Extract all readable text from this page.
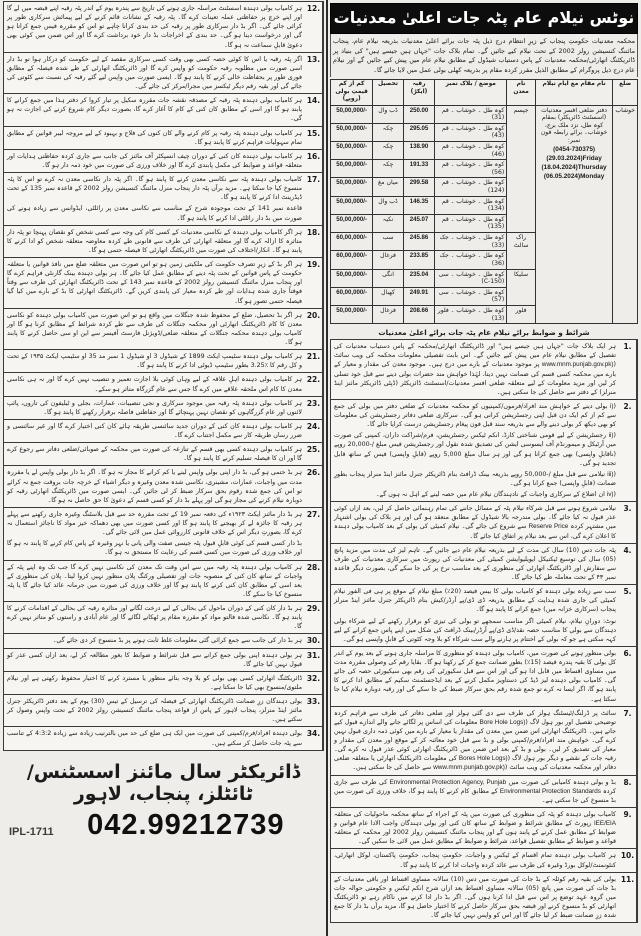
ہر کامیاب بولی دہندہ اسسٹنٹ مراسلہ جاری ہونے کی تاریخ سے پندرہ یوم کے اندر پٹہ رقبہ اپنے قبضہ میں لے گا اور اپنے خرچ پر حفاظتی عملہ تعینات کرے گا۔ پٹہ رقبہ کے نشانات قائم کرنے کے لیے پیمائش سرکاری طور پر کرائی جائے گی۔ اگر بڈ دار سرکاری طور پر رقبہ کی حد بندی کرانا چاہے تو اس کو مقررہ فیس جمع کرانا ہو گی اور درخواست دینا ہو گی۔ حد بندی کے اخراجات بڈ دار خود برداشت کرے گا اور اس ضمن میں کوئی بھی دعویٰ قابلِ سماعت نہ ہو گا۔

12.

اگر پٹہ رقبہ یا اس کا کوئی حصہ کسی بھی وقت کسی سرکاری مقصد کے لیے حکومت کو درکار ہوا تو بڈ دار اسی صورت میں مطلوبہ رقبہ حکومت کو واپس کرے گا اور ڈائریکٹنگ اتھارٹی کے طے شدہ فیصلہ کے مطابق فوری طور پر بحفاظت خالی کرنے کا پابند ہو گا۔ ایسی صورت میں واپس لیے گئے رقبہ کی نسبت سے کٹوتی کی جائے گی اور بقیہ رقم دیگر ٹیکسز میں مجرا/مرکز کی جائے گی۔

13.

ہر کامیاب بولی دہندہ پٹہ رقبہ کے مصدقہ نقشہ جات مقررہ سکیل پر تیار کروا کر دفتر ہذا میں جمع کرانے کا پابند ہو گا اور اسی کے مطابق کان کنی کے کام کا آغاز کرے گا، بصورت دیگر کام شروع کرنے کی اجازت نہ ہو گی۔

14.

ہر کامیاب بولی دہندہ پٹہ رقبہ پر کام کرنے والے کان کنوں کی فلاح و بہبود کے لیے مروجہ لیبر قوانین کے مطابق تمام سہولیات فراہم کرنے کا پابند ہو گا۔

15.

ہر کامیاب بولی دہندہ کان کنی کے دوران چیف انسپکٹر آف مائنز کی جانب سے جاری کردہ حفاظتی ہدایات اور متعلقہ قواعد و ضوابط کی مکمل پابندی کرے گا اور خلاف ورزی کی صورت میں خود ذمہ دار ہو گا۔

16.

کامیاب بولی دہندہ پٹہ سے نکاسی معدن کرنے کا پابند ہو گا۔ اگر پٹہ دار نکاسی معدن نہ کرے تو اس کا پٹہ منسوخ کیا جا سکتا ہے۔ مزید برآں پٹہ دار پنجاب منرل مائننگ کنسیشن رولز 2002 کے قاعدہ نمبر 135 کے تحت ڈیڈرینٹ ادا کرنے کا پابند ہو گا۔

قاعدہ نمبر 141 کے تحت موجودہ شرح کے مناسب سے نکاسی معدن پر رائلٹی، ایڈوانس سے زیادہ ہونے کی صورت میں بڈ دار رائلٹی ادا کرنے کا پابند ہو گا۔

17.

ہر اگر کامیاب بولی دہندہ کے نکاسی معدنیات کے کسی کام کی وجہ سے کسی شخص کو نقصان پہنچا تو پٹہ دار متاثرہ کا ازالہ کرے گا اور متعلقہ اتھارٹی کی طرف سے قانونی طے کردہ معاوضہ متعلقہ شخص کو ادا کرنے کا پابند ہو گا۔ انکار/اختلاف کی صورت میں ڈائریکٹنگ اتھارٹی کا فیصلہ حتمی ہو گا۔

18.

ہر اگر بڈ کے زیرِ تصرف حکومت کی ملکیتی زمین ہو تو اس صورت میں متعلقہ ضلع میں نافذ قوانین یا متعلقہ حکومت کے پاس قوانین کے تحت پٹہ دینے کے مطابق عمل کیا جائے گا۔ ہر بولی دہندہ بینک گارنٹی فراہم کرے گا اور پنجاب منرل مائننگ کنسیشن رولز 2002 کے قاعدہ نمبر 143 کے تحت ڈائریکٹنگ اتھارٹی کی طرف سے وقتاً فوقتاً جاری شدہ ہدایات اور طے کردہ معیار کی پابندی کریں گے۔ ڈائریکٹنگ اتھارٹی کا بڈ کے بارے میں کیا گیا فیصلہ حتمی تصور ہو گا۔

19.

ہر اگر بڈ تحصیل، ضلع کے محفوظ شدہ جنگلات میں واقع ہو تو اس صورت میں کامیاب بولی دہندہ کو نکاسی معدن کا کام ڈائریکٹنگ اتھارٹی اور محکمہ جنگلات کی طرف سے طے کردہ شرائط کے مطابق کرنا ہو گا اور کامیاب بولی دہندہ محکمہ جنگلات کے متعلقہ ضلعی/ڈویژنل فارسٹ آفیسر سے این او سی حاصل کرنے کا پابند ہو گا۔

20.

ہر کامیاب بولی دہندہ سٹیمپ ایکٹ 1899 کے شیڈول 3 او شیڈول 1 نمبر مد 35 او سٹیمپ ایکٹ ۱۹۳۵ کے تحت و کل رقم کا ٪3.25 بطور سٹیمپ ڈیوٹی ادا کرنے کا پابند ہو گا۔

21.

ہر کامیاب بولی دہندہ اہلِ علاقہ کے لیے وہاں کوئی بلا اجازت تعمیر و تنصیب نہیں کرے گا اور نہ ہی نکاسی معدن کا کام اس ملحقہ علاقے میں کرے گا جس سے عام گزرگاہ متاثر ہو سکے۔

22.

ہر کامیاب بولی دہندہ پٹہ رقبہ میں موجود سرکاری و نجی تنصیبات، عمارات، بجلی و ٹیلیفون کی تاروں، پائپ لائنوں اور عام گزرگاہوں کو نقصان نہیں پہنچائے گا اور حفاظتی فاصلہ برقرار رکھنے کا پابند ہو گا۔

23.

ہر کامیاب بولی دہندہ کان کنی کے دوران جدید سائنسی طریقہ ہائے کان کنی اختیار کرے گا اور غیر سائنسی و ضرر رساں طریقہ کار سے مکمل اجتناب کرے گا۔

24.

ہر کامیاب بولی دہندہ کسی بھی قسم کے تنازعہ کی صورت میں محکمہ کے صوبائی/ضلعی دفاتر سے رجوع کرے گا اور ان کا فیصلہ تسلیم کرنے کا پابند ہو گا۔

25.

ہر بڈ حتمی ہو گی، بڈ دار اپنی بولی واپس لینے یا کم کرانے کا مجاز نہ ہو گا۔ اگر بڈ دار بولی واپس لے یا مقررہ مدت میں واجبات، عمارات، مشینری، نکاسی شدہ معدن وغیرہ و دیگر اشیاء کے خرچہ جات بروقت جمع نہ کرائے تو اس کی جمع شدہ رقوم بحق سرکار ضبط کر لی جائیں گی۔ ایسی صورت میں ڈائریکٹنگ اتھارٹی رقبہ کو دوبارہ نیلام کرنے کی مجاز ہو گی اور پہلے بڈ دار کو کسی قسم کے دعویٰ کا حق حاصل نہ ہو گا۔

26.

ہر بڈ دار مائنز ایکٹ ۱۹۲۳ء کی دفعہ نمبر 19 کے تحت مقررہ حد سے قبل بلاسٹنگ وغیرہ جاری رکھنے سے پہلے ہر رقبہ کا جائزہ لے کر بھیجنے کا پابند ہو گا اور کسی صورت میں بھی دھماکہ خیز مواد کا ناجائز استعمال نہ کرے گا، بصورتِ دیگر اس کے خلاف قانونی کارروائی عمل میں لائی جائے گی۔

بڈ دار کسی قسم کی کوئی قابلِ قبول پٹہ جیسی صفت والی پانی یا نہر وغیرہ کے پاس کام کرنے کا پابند نہ ہو گا اور خلاف ورزی کی صورت میں کسی قسم کی رعایت کا مستحق نہ ہو گا۔

27.

ہر کامیاب بولی دہندہ پٹہ رقبہ میں سے اس وقت تک معدن کی نکاسی نہیں کرے گا جب تک وہ اپنے پٹہ کے واجبات کے ساتھ کان کنی کے منصوبہ جات اور تفصیلی ورکنگ پلان منظور نہیں کروا لیتا۔ پلان کی منظوری کے بعد اسی کے مطابق کان کنی کرنے کا پابند ہو گا اور خلاف ورزی کی صورت میں جرمانہ عائد کیا جائے گا یا پٹہ منسوخ کیا جا سکے گا۔

28.

ہر بڈ دار کان کنی کے دوران ماحول کی بحالی کے لیے درخت لگانے اور متاثرہ رقبہ کی بحالی کے اقدامات کرنے کا پابند ہو گا۔ نکاسی شدہ فالتو مواد کو مقررہ مقام پر ٹھکانے لگائے گا اور عام آبادی و راستوں کو متاثر نہیں کرے گا۔

29.

ہر بڈ دار کی جانب سے جمع کرائی گئی معلومات غلط ثابت ہونے پر بڈ منسوخ کر دی جائے گی۔ 30.

ہر بولی دہندہ اپنی بولی جمع کرانے سے قبل شرائط و ضوابط کا بغور مطالعہ کر لے، بعد ازاں کسی عذر کو قبول نہیں کیا جائے گا۔

31.

ڈائریکٹنگ اتھارٹی کسی بھی بولی کو بلا وجہ بتائے منظور یا مسترد کرنے کا اختیار محفوظ رکھتی ہے اور نیلام ملتوی/منسوخ بھی کیا جا سکتا ہے۔

32.

بولی دہندگان زرِ ضمانت ڈائریکٹنگ اتھارٹی کے فیصلہ کی ترسیل کے تیس (30) یوم کے بعد دفتر ڈائریکٹر جنرل مائنز اینڈ منرلز، پنجاب لاہور کے پاس از قواعد پنجاب مائننگ کنسیشن رولز 2002 کے تحت واپس وصول کر سکتے ہیں۔

33.

بولی دہندہ افراد/فرم/کمپنی کی صورت میں ایک ہی ضلع کی حد میں بالترتیب زیادہ سے زیادہ 4:3:2 کے تناسب سے پٹہ جات حاصل کر سکتے ہیں۔

34.
ڈائریکٹر سال مائنز اسسٹنس/ٹائٹلز، پنجاب، لاہور
IPL-1711	042.99212739
نوٹس نیلام عام پٹہ جات اعلیٰ معدنیات
محکمہ معدنیات حکومتِ پنجاب کے زیرِ انتظام درج ذیل پٹہ جات برائے اعلیٰ معدنیات بذریعہ نیلام عام، پنجاب مائننگ کنسیشن رولز 2002 کے تحت نیلام کیے جائیں گے۔ تمام بلاک جات "جہاں ہیں جیسے ہیں" کی بنیاد پر ڈائریکٹنگ اتھارٹی/محکمہ معدنیات کے پاس دستیاب شیڈول کے مطابق نیلام عام میں پیش کیے جائیں گے اور نیلام عام درج ذیل پروگرام کے مطابق الذیل مقرر کردہ مقام پر بذریعہ کھلی بولی عمل میں لایا جائے گا۔
ضلع	نام مقام مع ایامِ نیلام	نام معدن	موضع / بلاک نمبر	رقبہ (ایکڑ)	تحصیل	کم از کم قیمتِ بولی (روپے)
خوشاب	دفتر ضلعی افسر معدنیات (اسسٹنٹ ڈائریکٹر) بمقام کوہ طل، نزد ملک برج، خوشاب۔ برائے رابطہ فون نمبر:
(0454-730375)
(29.03.2024)Friday
(18.04.2024)Thursday
(06.05.2024)Monday	جپسم	کوہ طل ۔ خوشاب ۔ قم (31)	250.00	ڈب وال	50,00,000/-
			کوہ طل ۔ خوشاب ۔ قم (43)	295.05	چکہ	50,00,000/-
			کوہ طل ۔ خوشاب ۔ قم (46)	138.90	چکہ	50,00,000/-
			کوہ طل ۔ خوشاب ۔ قم (56)	191.33	چکہ	50,00,000/-
			کوہ طل ۔ خوشاب ۔ قم (124)	299.58	میاں مغ	50,00,000/-
			کوہ طل ۔ خوشاب ۔ قم (134)	146.35	ڈب وال	50,00,000/-
			کوہ طل ۔ خوشاب ۔ قم (135)	245.07	نکیہ	50,00,000/-
		راک سالٹ	کوہ طل ۔ خوشاب ۔ جک (33)	245.86	سب	60,00,000/-
			کوہ طل ۔ خوشاب ۔ جک (36)	233.85	فرغال	60,00,000/-
		سلیکا	کوہ طل ۔ خوشاب ۔ سی (150-C)	235.04	انگی	50,00,000/-
			کوہ طل ۔ خوشاب ۔ سی (57)	249.91	کھبال	60,00,000/-
		فلور	کوہ طل ۔ خوشاب ۔ فلور (13)	208.66	فرغال	50,00,000/-
شرائط و ضوابط برائے نیلام عام پٹہ جات برائے اعلیٰ معدنیات

ہر ایک بلاک جات "جہاں ہیں جیسے ہیں" اور ڈائریکٹنگ اتھارٹی/محکمہ کے پاس دستیاب معدنیات کی تفصیل کے مطابق نیلام عام میں پیش کیے جائیں گے۔ اس بابت تفصیلی معلومات محکمہ کی ویب سائٹ (www.mnm.punjab.gov.pk) پر موجود معدنیات کے بارے میں درج ہیں۔ موجود معدن کی مقدار و معیار کے بارے میں محکمہ کسی قسم کی ضمانت نہیں دیتا، لہٰذا خواہش مند حضرات بولی دینے سے قبل خود تسلی کر لیں اور مزید معلومات کے لیے متعلقہ ضلعی افسر معدنیات/اسسٹنٹ ڈائریکٹر (ڈپٹی ڈائریکٹر مائنز اینڈ منرلز) کے دفتر سے حاصل کی جا سکتی ہیں۔

1.

(i) بولی دینے کے خواہش مند افراد/فرموں/کمپنیوں کو محکمہ معدنیات کے ضلعی دفتر میں بولی کی جمع سے کم از کم ایک دن قبل اپنی رجسٹریشن کرانی ہو گی۔ سرکاری ضلعی دفاتر رجسٹریشن کی معلومات کو بھی دیکھ کر بولی دینے والے سے بذریعہ سند قبل فون پیغام رجسٹریشن درست کرایا جائے گا۔

(ii) رجسٹریشن کے لیے قومی شناختی کارڈ، انکم ٹیکس رجسٹریشن، فرم/شراکت داران، کمپنی کی صورت میں آرٹیکل و میمورنڈم آف ایسوسی ایشن کی تصدیق شدہ نقول اور رجسٹریشن فیس مبلغ /-20,000 روپے (ناقابلِ واپسی) بھی جمع کرانا ہو گی اور ہر سال مبلغ 5,000 روپے (قابلِ واپسی) فیس کے ساتھ قابل تجدید ہو گی۔

(iii) نیلامی سے قبل مبلغ /-50,000 روپے بذریعہ بینک ڈرافٹ بنام ڈائریکٹر جنرل مائنز اینڈ منرلز پنجاب بطورِ ضمانت (قابلِ واپسی) جمع کرانا ہو گی۔

(iv) ان اضلاع کے سرکاری واجبات کے نادہندگان نیلام عام میں حصہ لینے کے اہل نہ ہوں گے۔

2.

نیلامی شروع ہونے سے قبل شرکاء نیلام پٹہ کے مسائل جاننے کی تمام رہنمائی حاصل کر لیں، بعد ازاں کوئی عذر قبول نہ کیا جائے گا۔ بولی مندرجہ بالا شیڈول کے مطابق منعقد ہو گی اور ہر بلاک کی بولی اشتہار میں مشتہر کردہ Reserve Price سے شروع کی جائے گی۔ نیلام کمیٹی کی بولی کے بعد کامیاب بولی دہندہ کا اعلان کرے گی، اس سے بعد نیلام پر اتفاق کیا جائے گا۔

3.

پٹہ جات دس (10) سال کی مدت کے لیے بذریعہ نیلام عام دیے جائیں گے۔ تاہم لیز کی مدت میں مزید پانچ (05) سال کی توسیع ٹیکنیکل ایویلیوایشن کمیٹی کی معدنیات کی رپورٹ میں سرکاری معدنیات کی طرف سے سفارش اور ڈائریکٹنگ اتھارٹی کی منظوری کے بعد مناسب نرخ پر کی جا سکے گی، بصورت دیگر قاعدہ نمبر ۴۳ کے تحت معاملہ طے کیا جائے گا۔

4.

سب سے زیادہ بولی دہندہ کو کامیاب بولی کا بیس فیصد (20٪) مبلغ نیلام کے موقع پر ہی فی الفور نیلام کمیٹی کی جاری شدہ ہدایت کے مطابق بذریعہ ڈی ڈی/پے آرڈر/کیش بنام ڈائریکٹر جنرل مائنز اینڈ منرلز پنجاب (سرکاری خزانہ میں) جمع کرانے کا پابند ہو گا۔

نوٹ: دورانِ نیلام، نیلام کمیٹی اگر مناسب سمجھے تو بولی کی تیزی کو برقرار رکھنے کے لیے شرکاء بولی دہندگان سے بولی کا مناسب حصہ نقد/ڈی ڈی/پے آرڈر/بینک ڈرافٹ کی شکل میں اپنے پاس جمع کرانے کے لیے کہہ سکتی ہے جو کہ بولی کے اختتام پر ہارنے والے سب شرکاء کو بلا وجہ کٹوتی کے قابلِ واپسی ہو گی۔

5.

بولی منظور ہونے کی صورت میں، کامیاب بولی دہندہ کو منظوری کا مراسلہ جاری ہونے کے بعد یوم کے اندر کل بولی کا بقیہ پندرہ فیصد (15٪) بطورِ ضمانت جمع کر کے رکھنا ہو گا۔ بقایا رقم کی وصولی مقررہ مدت میں مساوی اقساط میں قابل ادا ہو گی اور اس سے قبل سکیورٹی کی رقم بھی سیکیورٹی حصہ کی جائے گی۔ کامیاب بولی دہندہ لیز ڈیڈ کی دستاویز مکمل کرنے کے بعد ایڈجسٹمنٹ سکیم کے مطابق ادا کرنے کا پابند ہو گا، اگر ایسا نہ کرے تو جمع شدہ رقم بحق سرکار ضبط کی جا سکے گی اور رقبہ دوبارہ نیلام کیا جا سکتا ہے۔

6.

سائٹ پر ڈرلنگ/ٹیسٹنگ ہولز کی طرف سے دی گئی ہولز اور ضلعی دفاتر کی طرف سے فراہم کردہ توضیحی تفصیل اور بور ہول لاگ (Bore Hole Logs) معلومات کی اساس پر لگائے جانے والے اندازے قبول کیے جاتے ہیں۔ ڈائریکٹنگ اتھارٹی اس ضمن میں معدن کی مقدار یا معیار کے بارے میں کوئی ذمہ داری قبول نہیں کرے گی۔ خواہش مند افراد/فرم/کمپنی بولی و بڈ سے قبل خود معائنہ کر کے موقع اور معدن کی مقدار و معیار کی تصدیق کر لیں۔ بولی و بڈ کے بعد اس ضمن میں ڈائریکٹنگ اتھارٹی کوئی عذر قبول نہ کرے گی۔ رقبہ جات کے نقشے و دیگر بور ہول لاگ (Bores Hole Logs) کی معلومات ڈائریکٹنگ اتھارٹی یا متعلقہ ضلعی دفاتر اور محکمہ معدنیات کی ویب سائٹ (www.mnm.punjab.gov.pk) سے حاصل کی جا سکتی ہیں۔

7.

بڈ و بولی دہندہ کامیابی کی صورت میں Environmental Protection Agency, Punjab کی طرف سے جاری کردہ Environmental Protection Standards کے مطابق کام کرنے کا پابند ہو گا، خلاف ورزی کی صورت میں بڈ منسوخ کی جا سکتی ہے۔

8.

کامیاب بولی دہندہ کو پٹہ کی منظوری کی صورت میں پٹہ کے اجراء کے ساتھ محکمہ ماحولیات کی متعلقہ IEE/EIA رپورٹ کے مطابق شرائط و ضوابط کے ساتھ کان کنی اور بولی دہندگان واجب الادا عام قوانین و ضوابط کے مطابق عمل کرنے کے پابند ہوں گے اور پنجاب مائننگ کنسیشن رولز 2002 اور محکمہ کے متعلقہ قواعد و ضوابط کے مطابق تفصیل قواعد، شرائط و ضوابط کے مطابق عمل میں لائی جا سکیں گی۔

9.

ہر کامیاب بولی دہندہ تمام اقسام کے ٹیکس و واجبات، حکومتِ پنجاب، حکومتِ پاکستان، لوکل اتھارٹی، کنٹونمنٹ/لوکل بورڈ وغیرہ کی طرف سے عائد کردہ واجبات ادا کرنے کا پابند ہو گا۔

10.

بولی کی بقیہ رقم کوئلہ کے بڈ جات کی صورت میں دس (10) سالانہ مساوی اقساط اور باقی معدنیات کے بڈ جات کی صورت میں پانچ (05) سالانہ مساوی اقساط بعد ازاں شرح انکم ٹیکس و حکومتی حوالہ جات میں گروہ عہد توضع پر اس سے قبل ادا کرنا ہوں گی۔ اگر بڈ دار ادا کرنے میں ناکام رہے تو ڈائریکٹنگ اتھارٹی کو بڈ منسوخ کرنے اور قبضہ بحق سرکار حاصل کرنے کا اختیار حاصل ہو گا، مزید برآں بڈ دار کا جمع شدہ زرِ ضمانت ضبط کر لیا جائے گا اور اس کو واپس نہیں کیا جائے گا۔

11.
